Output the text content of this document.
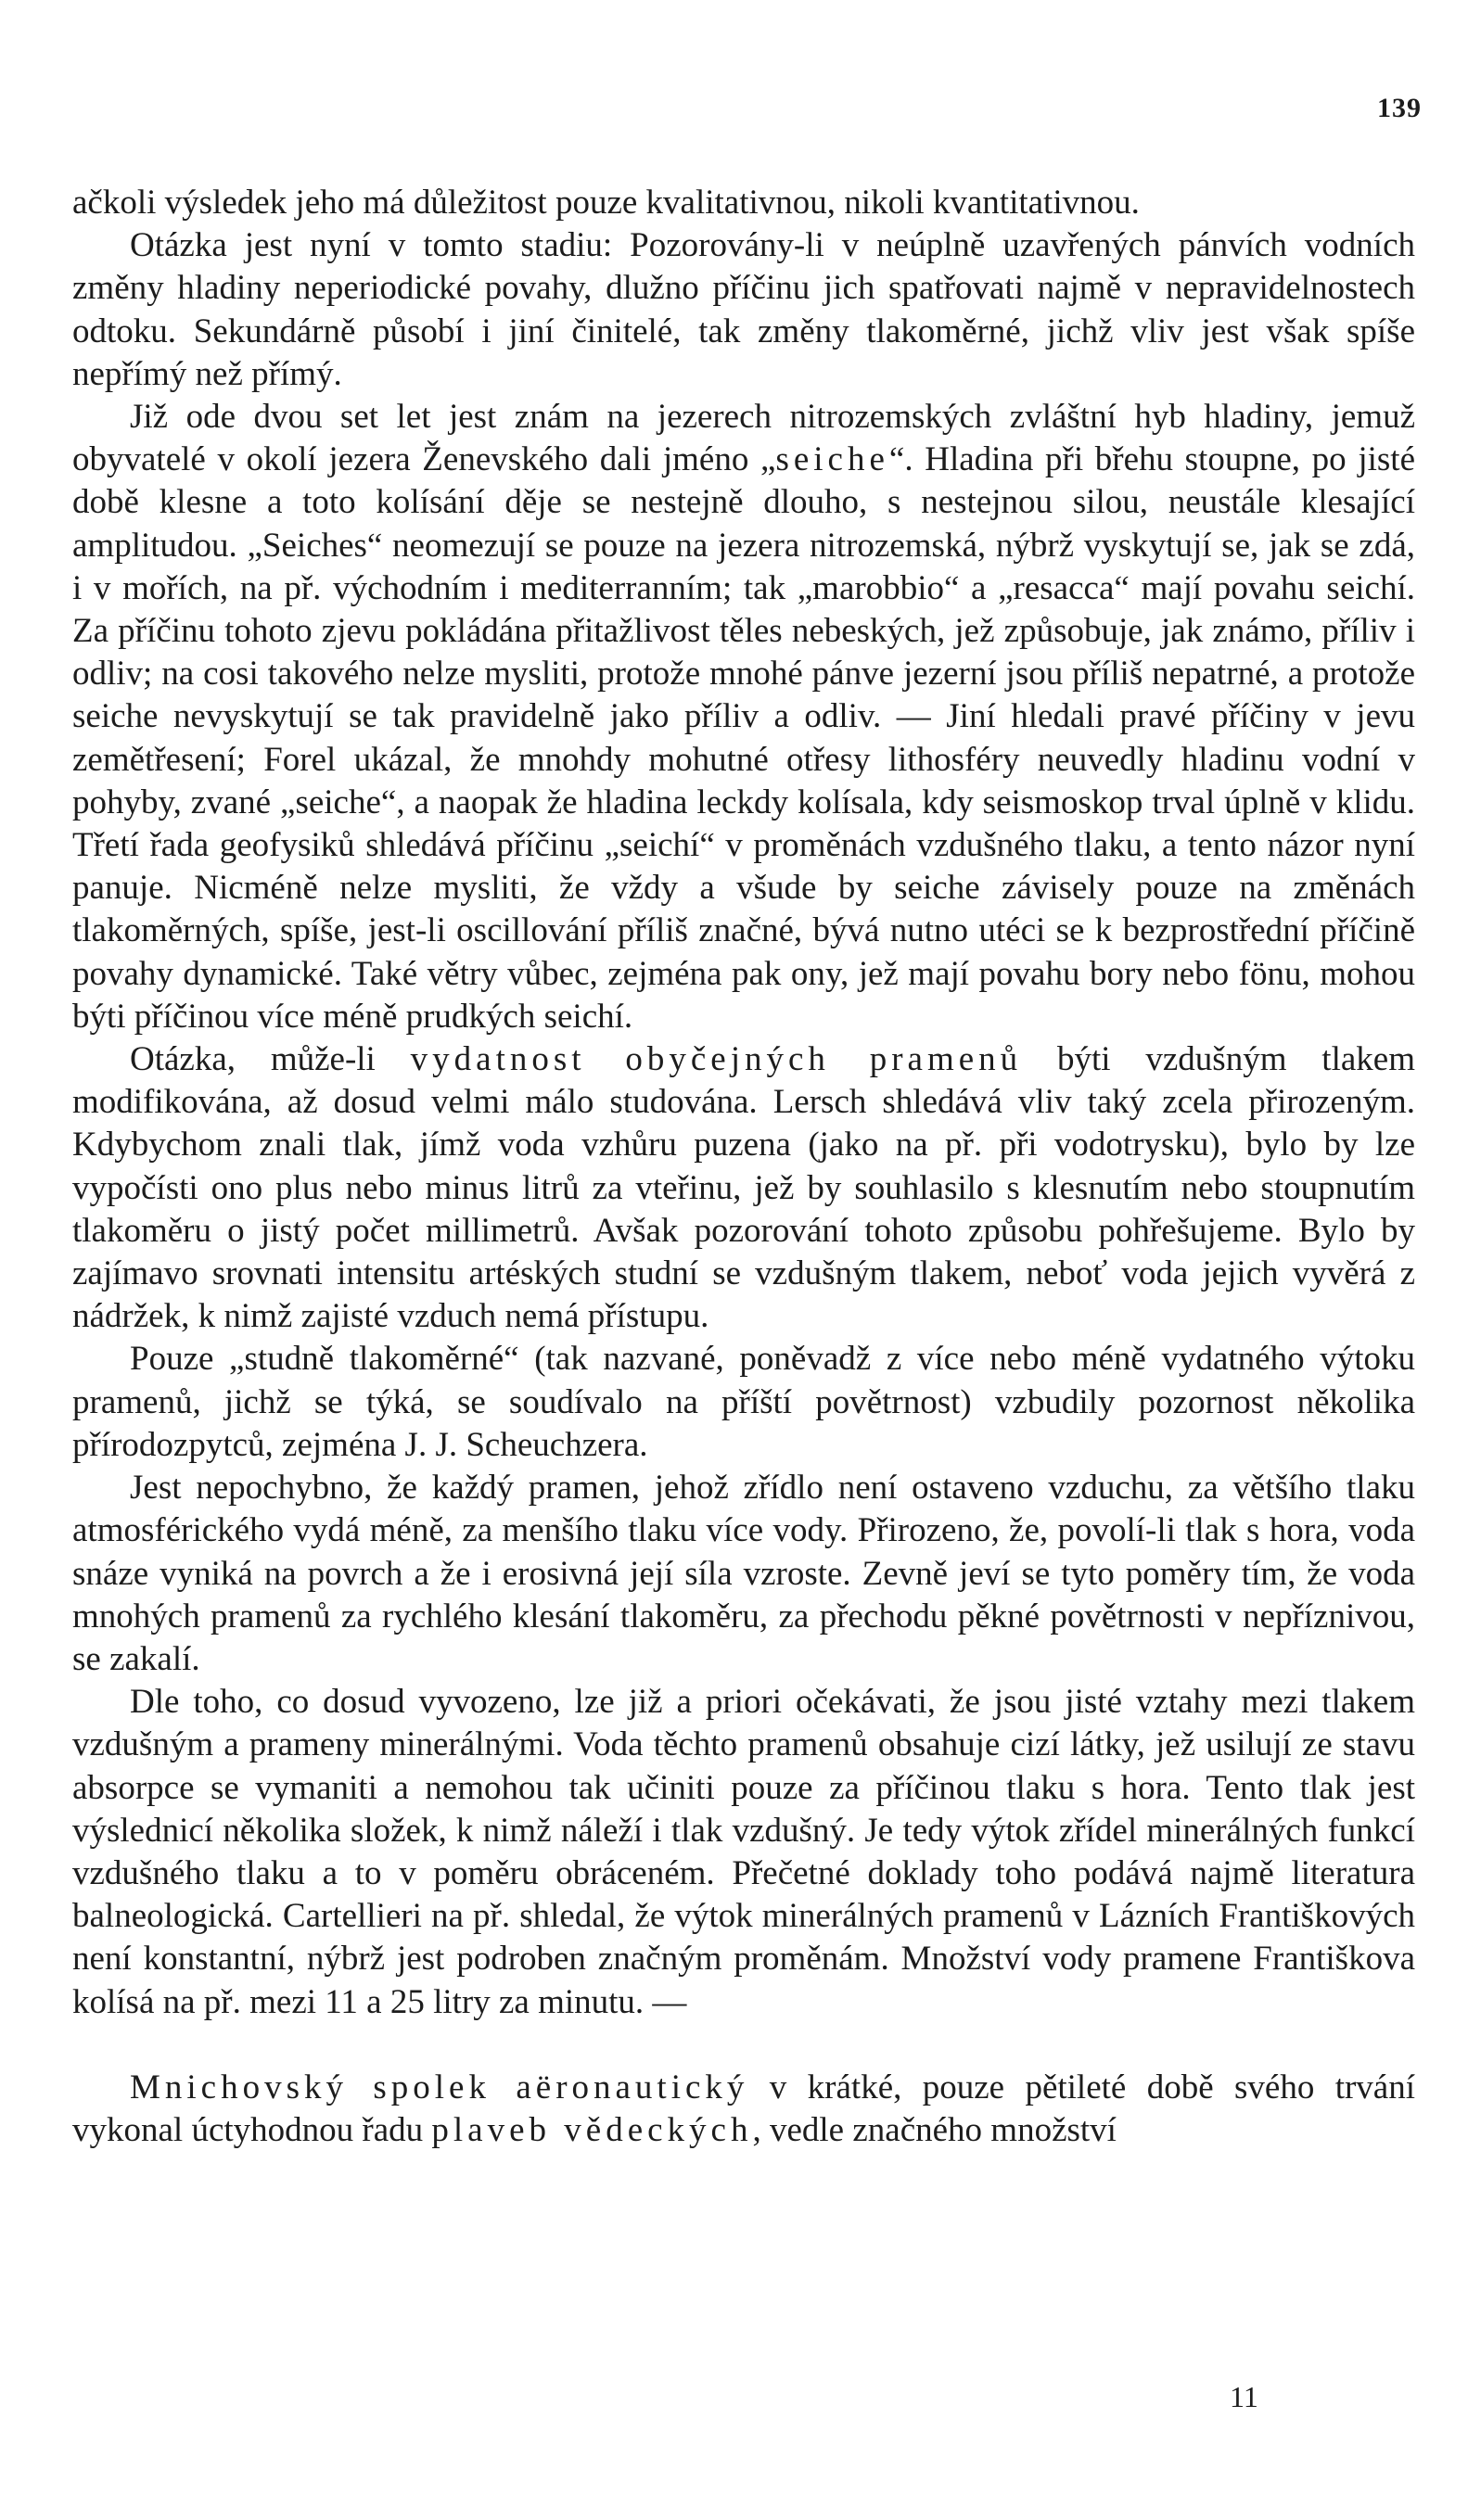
139

ačkoli výsledek jeho má důležitost pouze kvalitativnou, nikoli kvantitativnou.

Otázka jest nyní v tomto stadiu: Pozorovány-li v neúplně uzavřených pánvích vodních změny hladiny neperiodické povahy, dlužno příčinu jich spatřovati najmě v nepravidelnostech odtoku. Sekundárně působí i jiní činitelé, tak změny tlakoměrné, jichž vliv jest však spíše nepřímý než přímý.

Již ode dvou set let jest znám na jezerech nitrozemských zvláštní hyb hladiny, jemuž obyvatelé v okolí jezera Ženevského dali jméno „seiche“. Hladina při břehu stoupne, po jisté době klesne a toto kolísání děje se nestejně dlouho, s nestejnou silou, neustále klesající amplitudou. „Seiches“ neomezují se pouze na jezera nitrozemská, nýbrž vyskytují se, jak se zdá, i v mořích, na př. východním i mediterranním; tak „marobbio“ a „resacca“ mají povahu seichí. Za příčinu tohoto zjevu pokládána přitažlivost těles nebeských, jež způsobuje, jak známo, příliv i odliv; na cosi takového nelze mysliti, protože mnohé pánve jezerní jsou příliš nepatrné, a protože seiche nevyskytují se tak pravidelně jako příliv a odliv. — Jiní hledali pravé příčiny v jevu zemětřesení; Forel ukázal, že mnohdy mohutné otřesy lithosféry neuvedly hladinu vodní v pohyby, zvané „seiche“, a naopak že hladina leckdy kolísala, kdy seismoskop trval úplně v klidu. Třetí řada geofysiků shledává příčinu „seichí“ v proměnách vzdušného tlaku, a tento názor nyní panuje. Nicméně nelze mysliti, že vždy a všude by seiche závisely pouze na změnách tlakoměrných, spíše, jest-li oscillování příliš značné, bývá nutno utéci se k bezprostřední příčině povahy dynamické. Také větry vůbec, zejména pak ony, jež mají povahu bory nebo fönu, mohou býti příčinou více méně prudkých seichí.

Otázka, může-li vydatnost obyčejných pramenů býti vzdušným tlakem modifikována, až dosud velmi málo studována. Lersch shledává vliv taký zcela přirozeným. Kdybychom znali tlak, jímž voda vzhůru puzena (jako na př. při vodotrysku), bylo by lze vypočísti ono plus nebo minus litrů za vteřinu, jež by souhlasilo s klesnutím nebo stoupnutím tlakoměru o jistý počet millimetrů. Avšak pozorování tohoto způsobu pohřešujeme. Bylo by zajímavo srovnati intensitu artéských studní se vzdušným tlakem, neboť voda jejich vyvěrá z nádržek, k nimž zajisté vzduch nemá přístupu.

Pouze „studně tlakoměrné“ (tak nazvané, poněvadž z více nebo méně vydatného výtoku pramenů, jichž se týká, se soudívalo na příští povětrnost) vzbudily pozornost několika přírodozpytců, zejména J. J. Scheuchzera.

Jest nepochybno, že každý pramen, jehož zřídlo není ostaveno vzduchu, za většího tlaku atmosférického vydá méně, za menšího tlaku více vody. Přirozeno, že, povolí-li tlak s hora, voda snáze vyniká na povrch a že i erosivná její síla vzroste. Zevně jeví se tyto poměry tím, že voda mnohých pramenů za rychlého klesání tlakoměru, za přechodu pěkné povětrnosti v nepříznivou, se zakalí.

Dle toho, co dosud vyvozeno, lze již a priori očekávati, že jsou jisté vztahy mezi tlakem vzdušným a prameny minerálnými. Voda těchto pramenů obsahuje cizí látky, jež usilují ze stavu absorpce se vymaniti a nemohou tak učiniti pouze za příčinou tlaku s hora. Tento tlak jest výslednicí několika složek, k nimž náleží i tlak vzdušný. Je tedy výtok zřídel minerálných funkcí vzdušného tlaku a to v poměru obráceném. Přečetné doklady toho podává najmě literatura balneologická. Cartellieri na př. shledal, že výtok minerálných pramenů v Lázních Františkových není konstantní, nýbrž jest podroben značným proměnám. Množství vody pramene Františkova kolísá na př. mezi 11 a 25 litry za minutu. —

Mnichovský spolek aëronautický v krátké, pouze pětileté době svého trvání vykonal úctyhodnou řadu plaveb vědeckých, vedle značného množství

11
